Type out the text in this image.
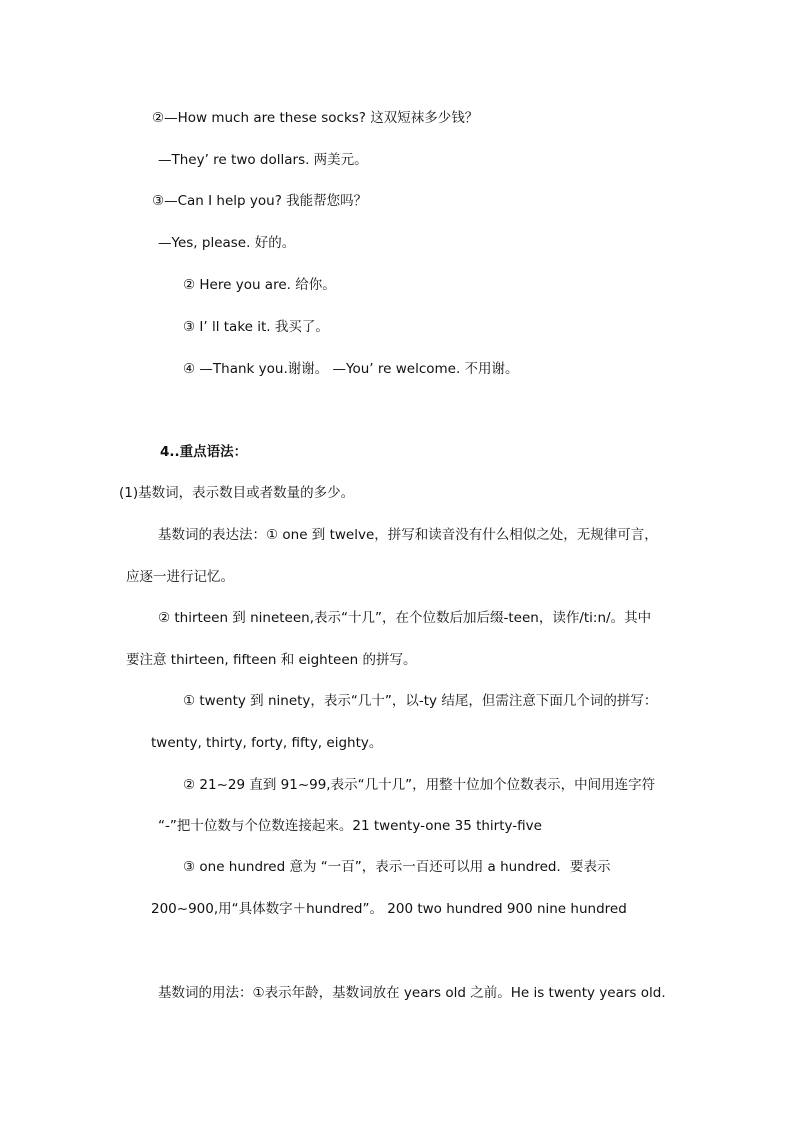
②—How much are these socks? 这双短袜多少钱？
—They’ re two dollars. 两美元。
③—Can I help you? 我能帮您吗？
—Yes, please. 好的。
② Here you are. 给你。
③ I’ ll take it. 我买了。
④ —Thank you.谢谢。 —You’ re welcome. 不用谢。
4..重点语法：
(1)基数词，表示数目或者数量的多少。
基数词的表达法：① one 到 twelve，拼写和读音没有什么相似之处，无规律可言，
应逐一进行记忆。
② thirteen 到 nineteen,表示“十几”，在个位数后加后缀-teen，读作/ti:n/。其中
要注意 thirteen, fifteen 和 eighteen 的拼写。
① twenty 到 ninety，表示“几十”，以-ty 结尾，但需注意下面几个词的拼写：
twenty, thirty, forty, fifty, eighty。
② 21~29 直到 91~99,表示“几十几”，用整十位加个位数表示，中间用连字符
“-”把十位数与个位数连接起来。21 twenty-one 35 thirty-five
③ one hundred 意为 “一百”，表示一百还可以用 a hundred．要表示
200~900,用“具体数字＋hundred”。 200 two hundred 900 nine hundred
基数词的用法：①表示年龄，基数词放在 years old 之前。He is twenty years old.
